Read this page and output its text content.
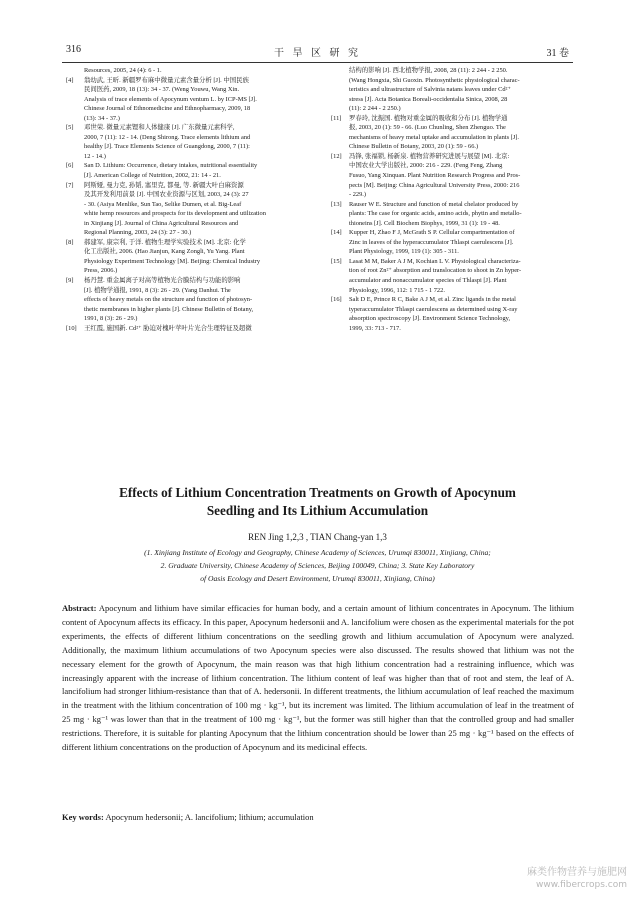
316	干 旱 区 研 究	31 卷
Resources, 2005, 24 (4): 6 - 1.
[4] 翁幼武, 王昕. 新疆罗布麻中微量元素含量分析 [J]. 中国民族
民间医药, 2009, 18 (13): 34 - 37. (Weng Youwu, Wang Xin.
Analysis of trace elements of Apocynum ventum L. by ICP-MS [J].
Chinese Journal of Ethnomedicine and Ethnopharmacy, 2009, 18
(13): 34 - 37.)
[5] 邓世荣. 微量元素锂和人体健康 [J]. 广东微量元素科学,
2000, 7 (11): 12 - 14. (Deng Shirong. Trace elements lithium and
healthy [J]. Trace Elements Science of Guangdong, 2000, 7 (11):
12 - 14.)
[6] San D. Lithium: Occurrence, dietary intakes, nutritional essentiality
[J]. American College of Nutrition, 2002, 21: 14 - 21.
[7] 阿斯娅, 曼力克, 孙韬, 塞里克, 都曼, 等. 新疆大叶白麻资源
及其开发利用前景 [J]. 中国农业资源与区划, 2003, 24 (3): 27
- 30. (Asiya Menlike, Sun Tao, Selike Dumen, et al. Big-Leaf
white hemp resources and prospects for its development and utilization
in Xinjiang [J]. Journal of China Agricultural Resources and
Regional Planning, 2003, 24 (3): 27 - 30.)
[8] 郝建军, 康宗利, 于洋. 植物生理学实验技术 [M]. 北京: 化学
化工出版社, 2006. (Hao Jianjun, Kang Zongli, Yu Yang. Plant
Physiology Experiment Technology [M]. Beijing: Chemical Industry
Press, 2006.)
[9] 杨丹慧. 重金属离子对高等植物光合膜结构与功能的影响
[J]. 植物学通报, 1991, 8 (3): 26 - 29. (Yang Danhui. The
effects of heavy metals on the structure and function of photosyn-
thetic membranes in higher plants [J]. Chinese Bulletin of Botany,
1991, 8 (3): 26 - 29.)
[10] 王红霞, 施国新. Cd²⁺ 胁迫对槐叶苹叶片光合生理特征及超微
结构的影响 [J]. 西北植物学报, 2008, 28 (11): 2 244 - 2 250.
(Wang Hongxia, Shi Guoxin. Photosynthetic physiological charac-
teristics and ultrastructure of Salvinia natans leaves under Cd²⁺
stress [J]. Acta Botanica Boreali-occidentalia Sinica, 2008, 28
(11): 2 244 - 2 250.)
[11] 罗春玲, 沈振国. 植物对重金属的吸收和分布 [J]. 植物学通
报, 2003, 20 (1): 59 - 66. (Luo Chunling, Shen Zhenguo. The
mechanisms of heavy metal uptake and accumulation in plants [J].
Chinese Bulletin of Botany, 2003, 20 (1): 59 - 66.)
[12] 冯锋, 张福锁, 杨新泉. 植物营养研究进展与展望 [M]. 北京:
中国农业大学出版社, 2000: 216 - 229. (Feng Feng, Zhang
Fusuo, Yang Xinquan. Plant Nutrition Research Progress and Pros-
pects [M]. Beijing: China Agricultural University Press, 2000: 216
- 229.)
[13] Rauser W E. Structure and function of metal chelator produced by
plants: The case for organic acids, amino acids, phytin and metallo-
thioneins [J]. Cell Biochem Biophys, 1999, 31 (1): 19 - 48.
[14] Kupper H, Zhao F J, McGrath S P. Cellular compartmentation of
Zinc in leaves of the hyperaccumulator Thlaspi caerulescens [J].
Plant Physiology, 1999, 119 (1): 305 - 311.
[15] Lasat M M, Baker A J M, Kochian L V. Physiological characteriza-
tion of root Zn²⁺ absorption and translocation to shoot in Zn hyper-
accumulator and nonaccumulator species of Thlaspi [J]. Plant
Physiology, 1996, 112: 1 715 - 1 722.
[16] Salt D E, Prince R C, Bake A J M, et al. Zinc ligands in the metal
typeraccumulator Thlaspi caerulescens as determined using X-ray
absorption spectroscopy [J]. Environment Science Technology,
1999, 33: 713 - 717.
Effects of Lithium Concentration Treatments on Growth of Apocynum
Seedling and Its Lithium Accumulation
REN Jing 1,2,3 , TIAN Chang-yan 1,3
(1. Xinjiang Institute of Ecology and Geography, Chinese Academy of Sciences, Urumqi 830011, Xinjiang, China;
2. Graduate University, Chinese Academy of Sciences, Beijing 100049, China; 3. State Key Laboratory
of Oasis Ecology and Desert Environment, Urumqi 830011, Xinjiang, China)
Abstract: Apocynum and lithium have similar efficacies for human body, and a certain amount of lithium concentrates in Apocynum. The lithium content of Apocynum affects its efficacy. In this paper, Apocynum hedersonii and A. lancifolium were chosen as the experimental materials for the pot experiments, the effects of different lithium concentrations on the seedling growth and lithium accumulation of Apocynum were analyzed. Additionally, the maximum lithium accumulations of two Apocynum species were also discussed. The results showed that lithium was not the necessary element for the growth of Apocynum, the main reason was that high lithium concentration had a restraining influence, which was increasingly apparent with the increase of lithium concentration. The lithium content of leaf was higher than that of root and stem, the leaf of A. lancifolium had stronger lithium-resistance than that of A. hedersonii. In different treatments, the lithium accumulation of leaf reached the maximum in the treatment with the lithium concentration of 100 mg · kg⁻¹, but its increment was limited. The lithium accumulation of leaf in the treatment of 25 mg · kg⁻¹ was lower than that in the treatment of 100 mg · kg⁻¹, but the former was still higher than that the controlled group and had smaller restrictions. Therefore, it is suitable for planting Apocynum that the lithium concentration should be lower than 25 mg · kg⁻¹ based on the effects of different lithium concentrations on the production of Apocynum and its medicinal effects.
Key words: Apocynum hedersonii; A. lancifolium; lithium; accumulation
麻类作物营养与施肥网
www.fibercrops.com
